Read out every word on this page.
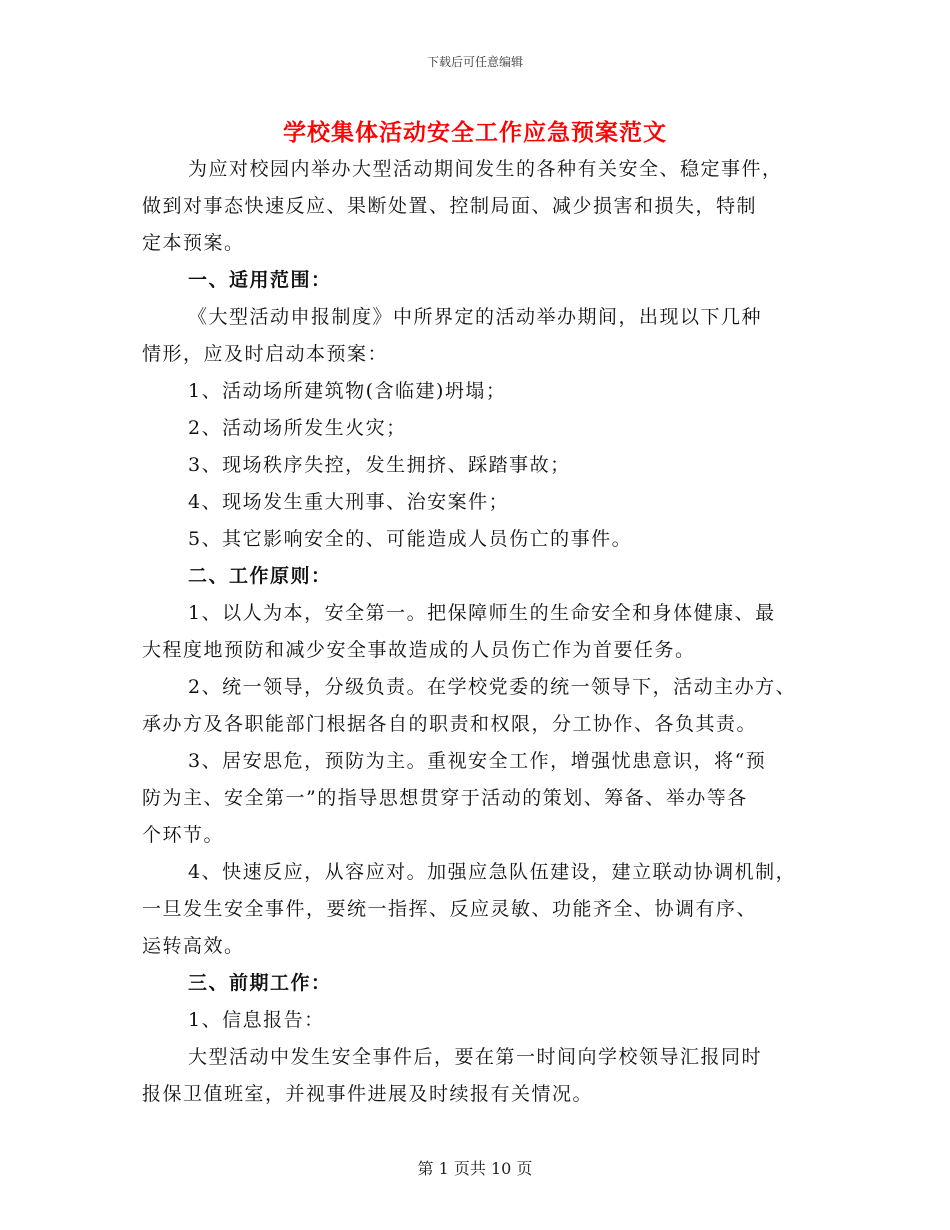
下载后可任意编辑
学校集体活动安全工作应急预案范文
为应对校园内举办大型活动期间发生的各种有关安全、稳定事件，
做到对事态快速反应、果断处置、控制局面、减少损害和损失，特制
定本预案。
一、适用范围：
《大型活动申报制度》中所界定的活动举办期间，出现以下几种
情形，应及时启动本预案：
1、活动场所建筑物(含临建)坍塌；
2、活动场所发生火灾；
3、现场秩序失控，发生拥挤、踩踏事故；
4、现场发生重大刑事、治安案件；
5、其它影响安全的、可能造成人员伤亡的事件。
二、工作原则：
1、以人为本，安全第一。把保障师生的生命安全和身体健康、最
大程度地预防和减少安全事故造成的人员伤亡作为首要任务。
2、统一领导，分级负责。在学校党委的统一领导下，活动主办方、
承办方及各职能部门根据各自的职责和权限，分工协作、各负其责。
3、居安思危，预防为主。重视安全工作，增强忧患意识，将“预
防为主、安全第一”的指导思想贯穿于活动的策划、筹备、举办等各
个环节。
4、快速反应，从容应对。加强应急队伍建设，建立联动协调机制，
一旦发生安全事件，要统一指挥、反应灵敏、功能齐全、协调有序、
运转高效。
三、前期工作：
1、信息报告：
大型活动中发生安全事件后，要在第一时间向学校领导汇报同时
报保卫值班室，并视事件进展及时续报有关情况。
第 1 页共 10 页
